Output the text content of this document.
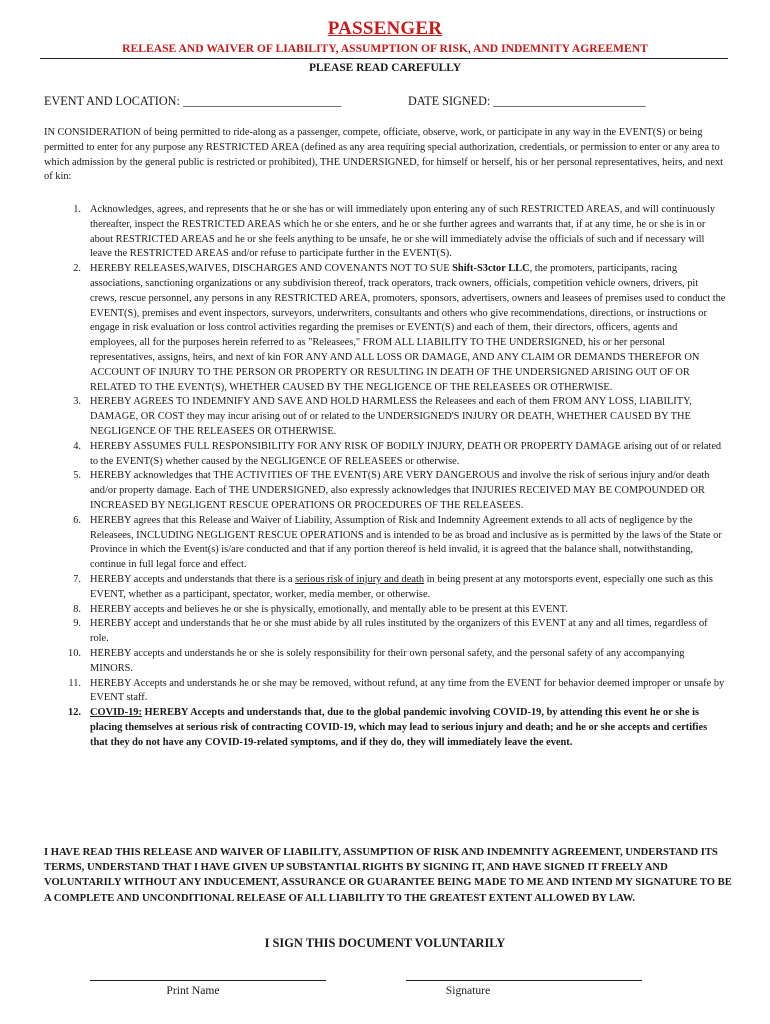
PASSENGER
RELEASE AND WAIVER OF LIABILITY, ASSUMPTION OF RISK, AND INDEMNITY AGREEMENT
PLEASE READ CAREFULLY
EVENT AND LOCATION: __________________________	DATE SIGNED: _________________________

IN CONSIDERATION of being permitted to ride-along as a passenger, compete, officiate, observe, work, or participate in any way in the EVENT(S) or being permitted to enter for any purpose any RESTRICTED AREA (defined as any area requiring special authorization, credentials, or permission to enter or any area to which admission by the general public is restricted or prohibited), THE UNDERSIGNED, for himself or herself, his or her personal representatives, heirs, and next of kin:

1. Acknowledges, agrees, and represents that he or she has or will immediately upon entering any of such RESTRICTED AREAS, and will continuously thereafter, inspect the RESTRICTED AREAS which he or she enters, and he or she further agrees and warrants that, if at any time, he or she is in or about RESTRICTED AREAS and he or she feels anything to be unsafe, he or she will immediately advise the officials of such and if necessary will leave the RESTRICTED AREAS and/or refuse to participate further in the EVENT(S).
2. HEREBY RELEASES,WAIVES, DISCHARGES AND COVENANTS NOT TO SUE Shift-S3ctor LLC, the promoters, participants, racing associations, sanctioning organizations or any subdivision thereof, track operators, track owners, officials, competition vehicle owners, drivers, pit crews, rescue personnel, any persons in any RESTRICTED AREA, promoters, sponsors, advertisers, owners and leasees of premises used to conduct the EVENT(S), premises and event inspectors, surveyors, underwriters, consultants and others who give recommendations, directions, or instructions or engage in risk evaluation or loss control activities regarding the premises or EVENT(S) and each of them, their directors, officers, agents and employees, all for the purposes herein referred to as "Releasees," FROM ALL LIABILITY TO THE UNDERSIGNED, his or her personal representatives, assigns, heirs, and next of kin FOR ANY AND ALL LOSS OR DAMAGE, AND ANY CLAIM OR DEMANDS THEREFOR ON ACCOUNT OF INJURY TO THE PERSON OR PROPERTY OR RESULTING IN DEATH OF THE UNDERSIGNED ARISING OUT OF OR RELATED TO THE EVENT(S), WHETHER CAUSED BY THE NEGLIGENCE OF THE RELEASEES OR OTHERWISE.
3. HEREBY AGREES TO INDEMNIFY AND SAVE AND HOLD HARMLESS the Releasees and each of them FROM ANY LOSS, LIABILITY, DAMAGE, OR COST they may incur arising out of or related to the UNDERSIGNED'S INJURY OR DEATH, WHETHER CAUSED BY THE NEGLIGENCE OF THE RELEASEES OR OTHERWISE.
4. HEREBY ASSUMES FULL RESPONSIBILITY FOR ANY RISK OF BODILY INJURY, DEATH OR PROPERTY DAMAGE arising out of or related to the EVENT(S) whether caused by the NEGLIGENCE OF RELEASEES or otherwise.
5. HEREBY acknowledges that THE ACTIVITIES OF THE EVENT(S) ARE VERY DANGEROUS and involve the risk of serious injury and/or death and/or property damage. Each of THE UNDERSIGNED, also expressly acknowledges that INJURIES RECEIVED MAY BE COMPOUNDED OR INCREASED BY NEGLIGENT RESCUE OPERATIONS OR PROCEDURES OF THE RELEASEES.
6. HEREBY agrees that this Release and Waiver of Liability, Assumption of Risk and Indemnity Agreement extends to all acts of negligence by the Releasees, INCLUDING NEGLIGENT RESCUE OPERATIONS and is intended to be as broad and inclusive as is permitted by the laws of the State or Province in which the Event(s) is/are conducted and that if any portion thereof is held invalid, it is agreed that the balance shall, notwithstanding, continue in full legal force and effect.
7. HEREBY accepts and understands that there is a serious risk of injury and death in being present at any motorsports event, especially one such as this EVENT, whether as a participant, spectator, worker, media member, or otherwise.
8. HEREBY accepts and believes he or she is physically, emotionally, and mentally able to be present at this EVENT.
9. HEREBY accept and understands that he or she must abide by all rules instituted by the organizers of this EVENT at any and all times, regardless of role.
10. HEREBY accepts and understands he or she is solely responsibility for their own personal safety, and the personal safety of any accompanying MINORS.
11. HEREBY Accepts and understands he or she may be removed, without refund, at any time from the EVENT for behavior deemed improper or unsafe by EVENT staff.
12. COVID-19: HEREBY Accepts and understands that, due to the global pandemic involving COVID-19, by attending this event he or she is placing themselves at serious risk of contracting COVID-19, which may lead to serious injury and death; and he or she accepts and certifies that they do not have any COVID-19-related symptoms, and if they do, they will immediately leave the event.

I HAVE READ THIS RELEASE AND WAIVER OF LIABILITY, ASSUMPTION OF RISK AND INDEMNITY AGREEMENT, UNDERSTAND ITS TERMS, UNDERSTAND THAT I HAVE GIVEN UP SUBSTANTIAL RIGHTS BY SIGNING IT, AND HAVE SIGNED IT FREELY AND VOLUNTARILY WITHOUT ANY INDUCEMENT, ASSURANCE OR GUARANTEE BEING MADE TO ME AND INTEND MY SIGNATURE TO BE A COMPLETE AND UNCONDITIONAL RELEASE OF ALL LIABILITY TO THE GREATEST EXTENT ALLOWED BY LAW.

I SIGN THIS DOCUMENT VOLUNTARILY
Print Name	Signature
